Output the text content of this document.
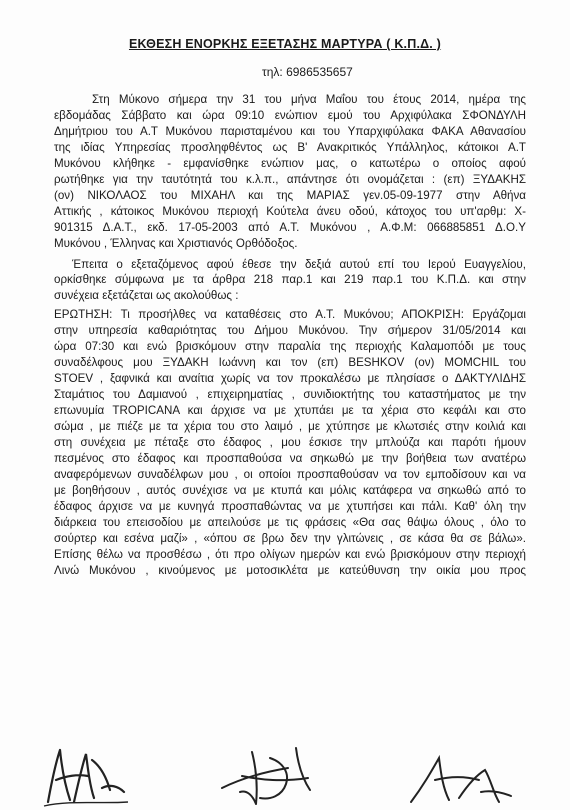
ΕΚΘΕΣΗ ΕΝΟΡΚΗΣ ΕΞΕΤΑΣΗΣ ΜΑΡΤΥΡΑ ( Κ.Π.Δ. )
τηλ: 6986535657
Στη Μύκονο σήμερα την 31 του μήνα Μαΐου του έτους 2014, ημέρα της
εβδομάδας Σάββατο και ώρα 09:10 ενώπιον εμού του Αρχιφύλακα ΣΦΟΝΔΥΛΗ
Δημήτριου του Α.Τ Μυκόνου παρισταμένου και του Υπαρχιφύλακα ΦΑΚΑ Αθανασίου
της ιδίας Υπηρεσίας προσληφθέντος ως Β' Ανακριτικός Υπάλληλος, κάτοικοι Α.Τ
Μυκόνου κλήθηκε - εμφανίσθηκε ενώπιον μας, ο κατωτέρω ο οποίος αφού
ρωτήθηκε για την ταυτότητά του κ.λ.π., απάντησε ότι ονομάζεται : (επ) ΞΥΔΑΚΗΣ
(ον) ΝΙΚΟΛΑΟΣ του ΜΙΧΑΗΛ και της ΜΑΡΙΑΣ γεν.05-09-1977 στην Αθήνα
Αττικής , κάτοικος Μυκόνου περιοχή Κούτελα άνευ οδού, κάτοχος του υπ'αρθμ: Χ-
901315 Δ.Α.Τ., εκδ. 17-05-2003 από Α.Τ. Μυκόνου , Α.Φ.Μ: 066885851 Δ.Ο.Υ
Μυκόνου , Έλληνας και Χριστιανός Ορθόδοξος.
Έπειτα ο εξεταζόμενος αφού έθεσε την δεξιά αυτού επί του Ιερού Ευαγγελίου,
ορκίσθηκε σύμφωνα με τα άρθρα 218 παρ.1 και 219 παρ.1 του Κ.Π.Δ. και στην
συνέχεια εξετάζεται ως ακολούθως :
ΕΡΩΤΗΣΗ: Τι προσήλθες να καταθέσεις στο Α.Τ. Μυκόνου; ΑΠΟΚΡΙΣΗ: Εργάζομαι
στην υπηρεσία καθαριότητας του Δήμου Μυκόνου. Την σήμερον 31/05/2014 και
ώρα 07:30 και ενώ βρισκόμουν στην παραλία της περιοχής Καλαμοπόδι με τους
συναδέλφους μου ΞΥΔΑΚΗ Ιωάννη και τον (επ) BESHKOV (ον) MOMCHIL του
STOEV , ξαφνικά και αναίτια χωρίς να τον προκαλέσω με πλησίασε ο ΔΑΚΤΥΛΙΔΗΣ
Σταμάτιος του Δαμιανού , επιχειρηματίας , συνιδιοκτήτης του καταστήματος με την
επωνυμία TROPICANA και άρχισε να με χτυπάει με τα χέρια στο κεφάλι και στο
σώμα , με πιέζε με τα χέρια του στο λαιμό , με χτύπησε με κλωτσιές στην κοιλιά και
στη συνέχεια με πέταξε στο έδαφος , μου έσκισε την μπλούζα και παρότι ήμουν
πεσμένος στο έδαφος και προσπαθούσα να σηκωθώ με την βοήθεια των ανατέρω
αναφερόμενων συναδέλφων μου , οι οποίοι προσπαθούσαν να τον εμποδίσουν και να
με βοηθήσουν , αυτός συνέχισε να με κτυπά και μόλις κατάφερα να σηκωθώ από το
έδαφος άρχισε να με κυνηγά προσπαθώντας να με χτυπήσει και πάλι. Καθ' όλη την
διάρκεια του επεισοδίου με απειλούσε με τις φράσεις «Θα σας θάψω όλους , όλο το
σούρτερ και εσένα μαζί» , «όπου σε βρω δεν την γλιτώνεις , σε κάσα θα σε βάλω».
Επίσης θέλω να προσθέσω , ότι προ ολίγων ημερών και ενώ βρισκόμουν στην περιοχή
Λινώ Μυκόνου , κινούμενος με μοτοσικλέτα με κατεύθυνση την οικία μου προς
